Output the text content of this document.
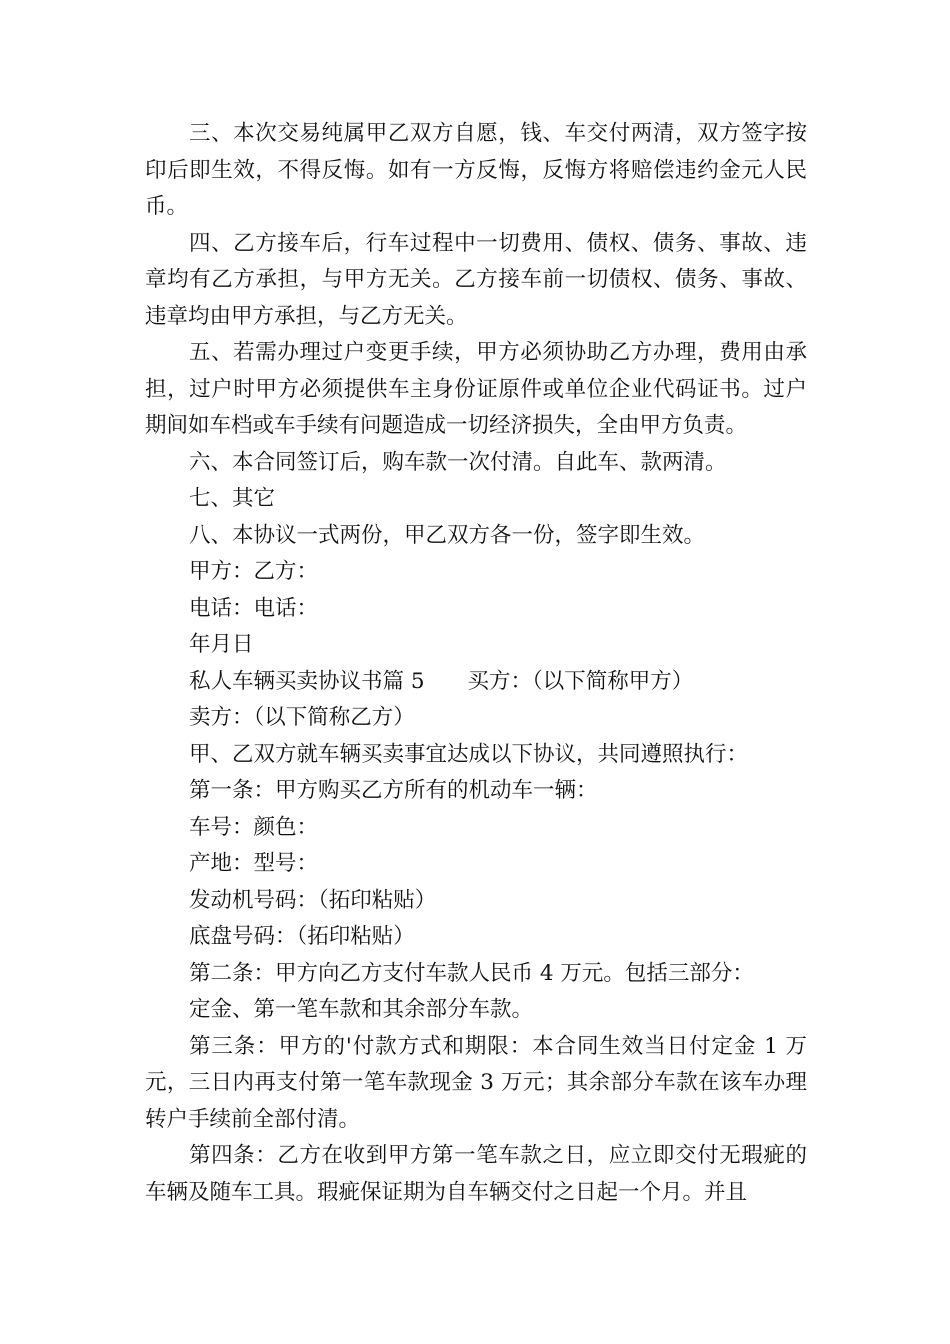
三、本次交易纯属甲乙双方自愿，钱、车交付两清，双方签字按印后即生效，不得反悔。如有一方反悔，反悔方将赔偿违约金元人民币。

四、乙方接车后，行车过程中一切费用、债权、债务、事故、违章均有乙方承担，与甲方无关。乙方接车前一切债权、债务、事故、违章均由甲方承担，与乙方无关。

五、若需办理过户变更手续，甲方必须协助乙方办理，费用由承担，过户时甲方必须提供车主身份证原件或单位企业代码证书。过户期间如车档或车手续有问题造成一切经济损失，全由甲方负责。

六、本合同签订后，购车款一次付清。自此车、款两清。

七、其它

八、本协议一式两份，甲乙双方各一份，签字即生效。

甲方：乙方：

电话：电话：

年月日

私人车辆买卖协议书篇 5　　买方：（以下简称甲方）

卖方：（以下简称乙方）

甲、乙双方就车辆买卖事宜达成以下协议，共同遵照执行：

第一条：甲方购买乙方所有的机动车一辆：

车号：颜色：

产地：型号：

发动机号码：（拓印粘贴）

底盘号码：（拓印粘贴）

第二条：甲方向乙方支付车款人民币 4 万元。包括三部分：

定金、第一笔车款和其余部分车款。

第三条：甲方的'付款方式和期限：本合同生效当日付定金 1 万元，三日内再支付第一笔车款现金 3 万元；其余部分车款在该车办理转户手续前全部付清。

第四条：乙方在收到甲方第一笔车款之日，应立即交付无瑕疵的车辆及随车工具。瑕疵保证期为自车辆交付之日起一个月。并且
